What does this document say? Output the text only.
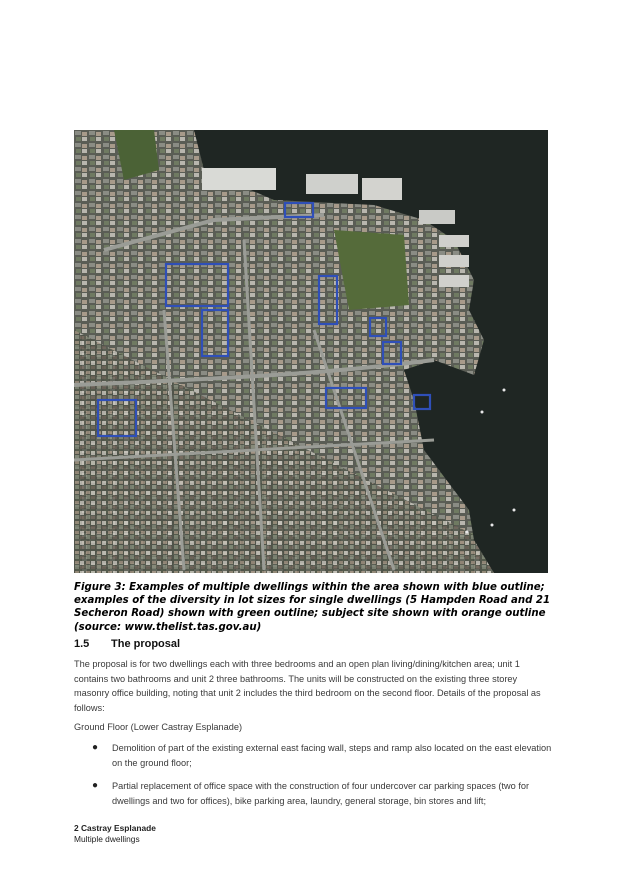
Figure 3: Examples of multiple dwellings within the area shown with blue outline; examples of the diversity in lot sizes for single dwellings (5 Hampden Road and 21 Secheron Road) shown with green outline; subject site shown with orange outline (source: www.thelist.tas.gov.au)
1.5 The proposal
The proposal is for two dwellings each with three bedrooms and an open plan living/dining/kitchen area; unit 1 contains two bathrooms and unit 2 three bathrooms. The units will be constructed on the existing three storey masonry office building, noting that unit 2 includes the third bedroom on the second floor. Details of the proposal as follows:
Ground Floor (Lower Castray Esplanade)
● Demolition of part of the existing external east facing wall, steps and ramp also located on the east elevation on the ground floor;
● Partial replacement of office space with the construction of four undercover car parking spaces (two for dwellings and two for offices), bike parking area, laundry, general storage, bin stores and lift;
2 Castray Esplanade
Multiple dwellings
